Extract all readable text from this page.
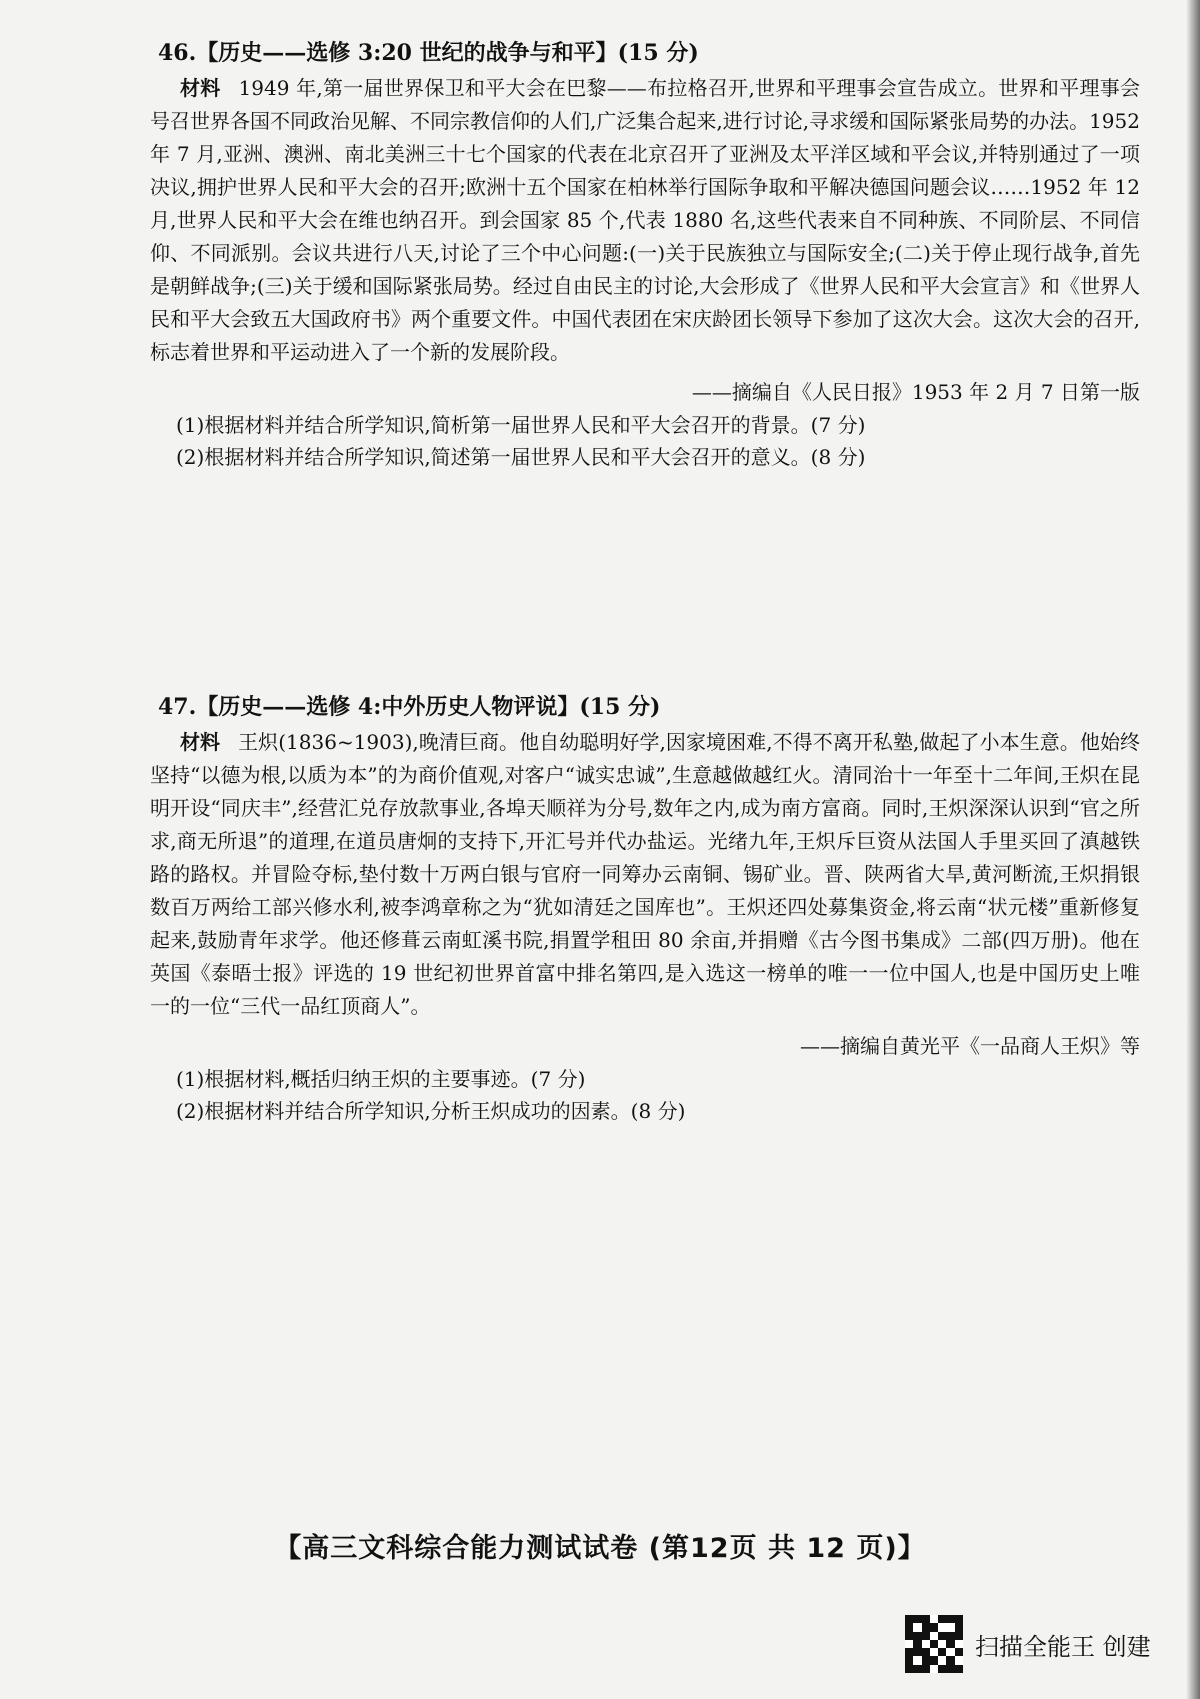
46.【历史——选修 3:20 世纪的战争与和平】(15 分)
材料 1949 年,第一届世界保卫和平大会在巴黎——布拉格召开,世界和平理事会宣告成立。世界和平理事会号召世界各国不同政治见解、不同宗教信仰的人们,广泛集合起来,进行讨论,寻求缓和国际紧张局势的办法。1952 年 7 月,亚洲、澳洲、南北美洲三十七个国家的代表在北京召开了亚洲及太平洋区域和平会议,并特别通过了一项决议,拥护世界人民和平大会的召开;欧洲十五个国家在柏林举行国际争取和平解决德国问题会议……1952 年 12 月,世界人民和平大会在维也纳召开。到会国家 85 个,代表 1880 名,这些代表来自不同种族、不同阶层、不同信仰、不同派别。会议共进行八天,讨论了三个中心问题:(一)关于民族独立与国际安全;(二)关于停止现行战争,首先是朝鲜战争;(三)关于缓和国际紧张局势。经过自由民主的讨论,大会形成了《世界人民和平大会宣言》和《世界人民和平大会致五大国政府书》两个重要文件。中国代表团在宋庆龄团长领导下参加了这次大会。这次大会的召开,标志着世界和平运动进入了一个新的发展阶段。
——摘编自《人民日报》1953 年 2 月 7 日第一版
(1)根据材料并结合所学知识,简析第一届世界人民和平大会召开的背景。(7 分)
(2)根据材料并结合所学知识,简述第一届世界人民和平大会召开的意义。(8 分)
47.【历史——选修 4:中外历史人物评说】(15 分)
材料 王炽(1836~1903),晚清巨商。他自幼聪明好学,因家境困难,不得不离开私塾,做起了小本生意。他始终坚持“以德为根,以质为本”的为商价值观,对客户“诚实忠诚”,生意越做越红火。清同治十一年至十二年间,王炽在昆明开设“同庆丰”,经营汇兑存放款事业,各埠天顺祥为分号,数年之内,成为南方富商。同时,王炽深深认识到“官之所求,商无所退”的道理,在道员唐炯的支持下,开汇号并代办盐运。光绪九年,王炽斥巨资从法国人手里买回了滇越铁路的路权。并冒险夺标,垫付数十万两白银与官府一同筹办云南铜、锡矿业。晋、陕两省大旱,黄河断流,王炽捐银数百万两给工部兴修水利,被李鸿章称之为“犹如清廷之国库也”。王炽还四处募集资金,将云南“状元楼”重新修复起来,鼓励青年求学。他还修葺云南虹溪书院,捐置学租田 80 余亩,并捐赠《古今图书集成》二部(四万册)。他在英国《泰晤士报》评选的 19 世纪初世界首富中排名第四,是入选这一榜单的唯一一位中国人,也是中国历史上唯一的一位“三代一品红顶商人”。
——摘编自黄光平《一品商人王炽》等
(1)根据材料,概括归纳王炽的主要事迹。(7 分)
(2)根据材料并结合所学知识,分析王炽成功的因素。(8 分)
【高三文科综合能力测试试卷 (第12页 共 12 页)】
扫描全能王 创建
